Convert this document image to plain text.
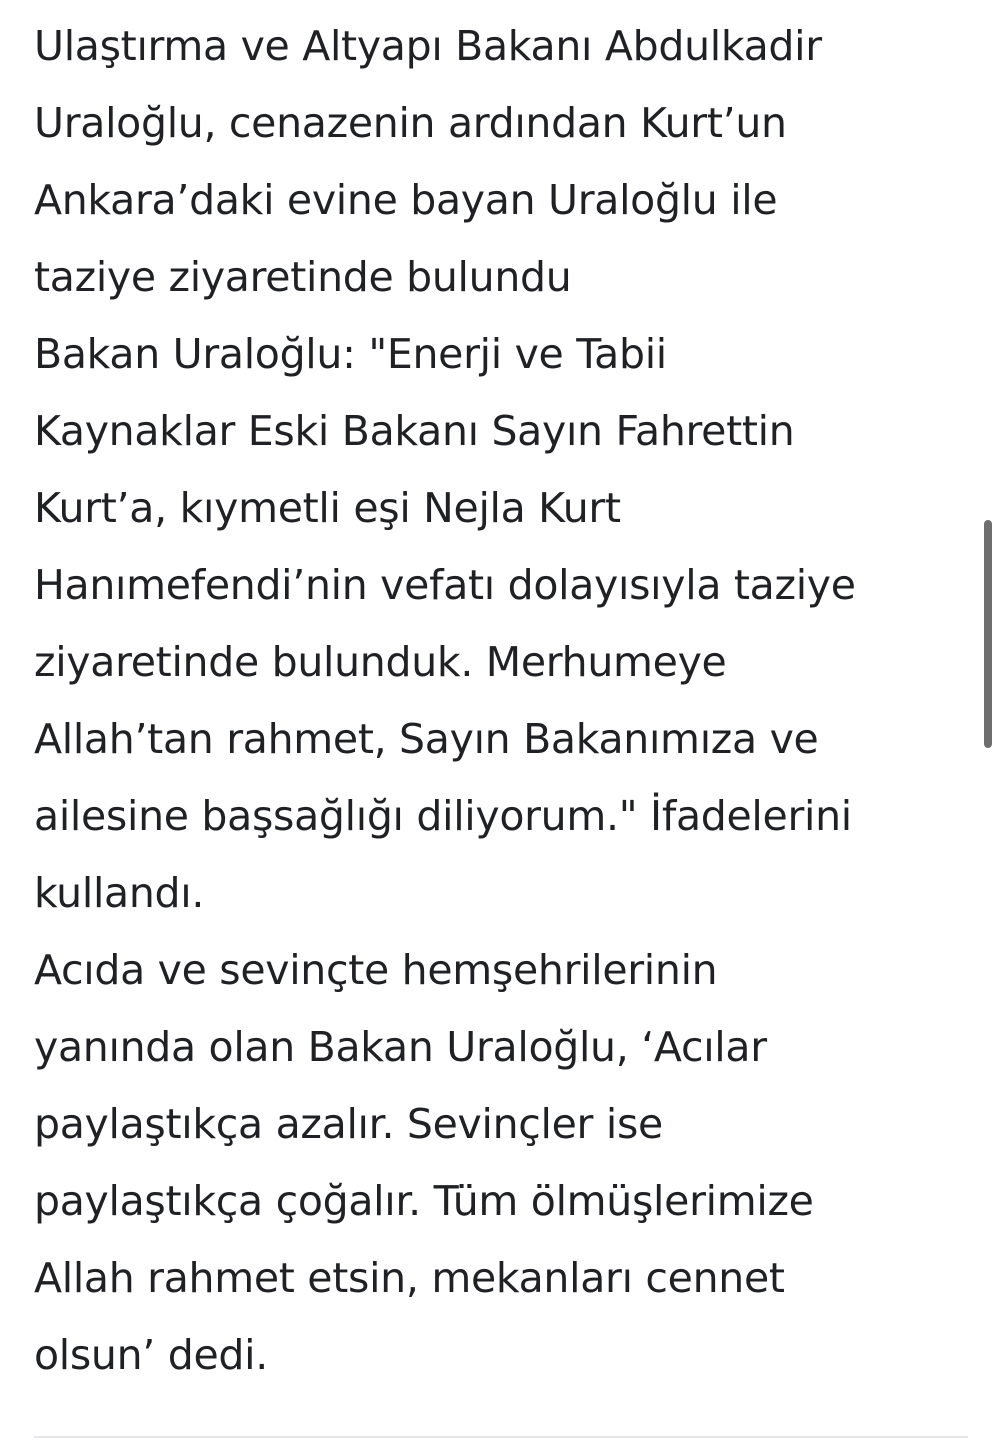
Ulaştırma ve Altyapı Bakanı Abdulkadir
Uraloğlu, cenazenin ardından Kurt’un
Ankara’daki evine bayan Uraloğlu ile
taziye ziyaretinde bulundu
Bakan Uraloğlu: "Enerji ve Tabii
Kaynaklar Eski Bakanı Sayın Fahrettin
Kurt’a, kıymetli eşi Nejla Kurt
Hanımefendi’nin vefatı dolayısıyla taziye
ziyaretinde bulunduk. Merhumeye
Allah’tan rahmet, Sayın Bakanımıza ve
ailesine başsağlığı diliyorum." İfadelerini
kullandı.
Acıda ve sevinçte hemşehrilerinin
yanında olan Bakan Uraloğlu, ‘Acılar
paylaştıkça azalır. Sevinçler ise
paylaştıkça çoğalır. Tüm ölmüşlerimize
Allah rahmet etsin, mekanları cennet
olsun’ dedi.
